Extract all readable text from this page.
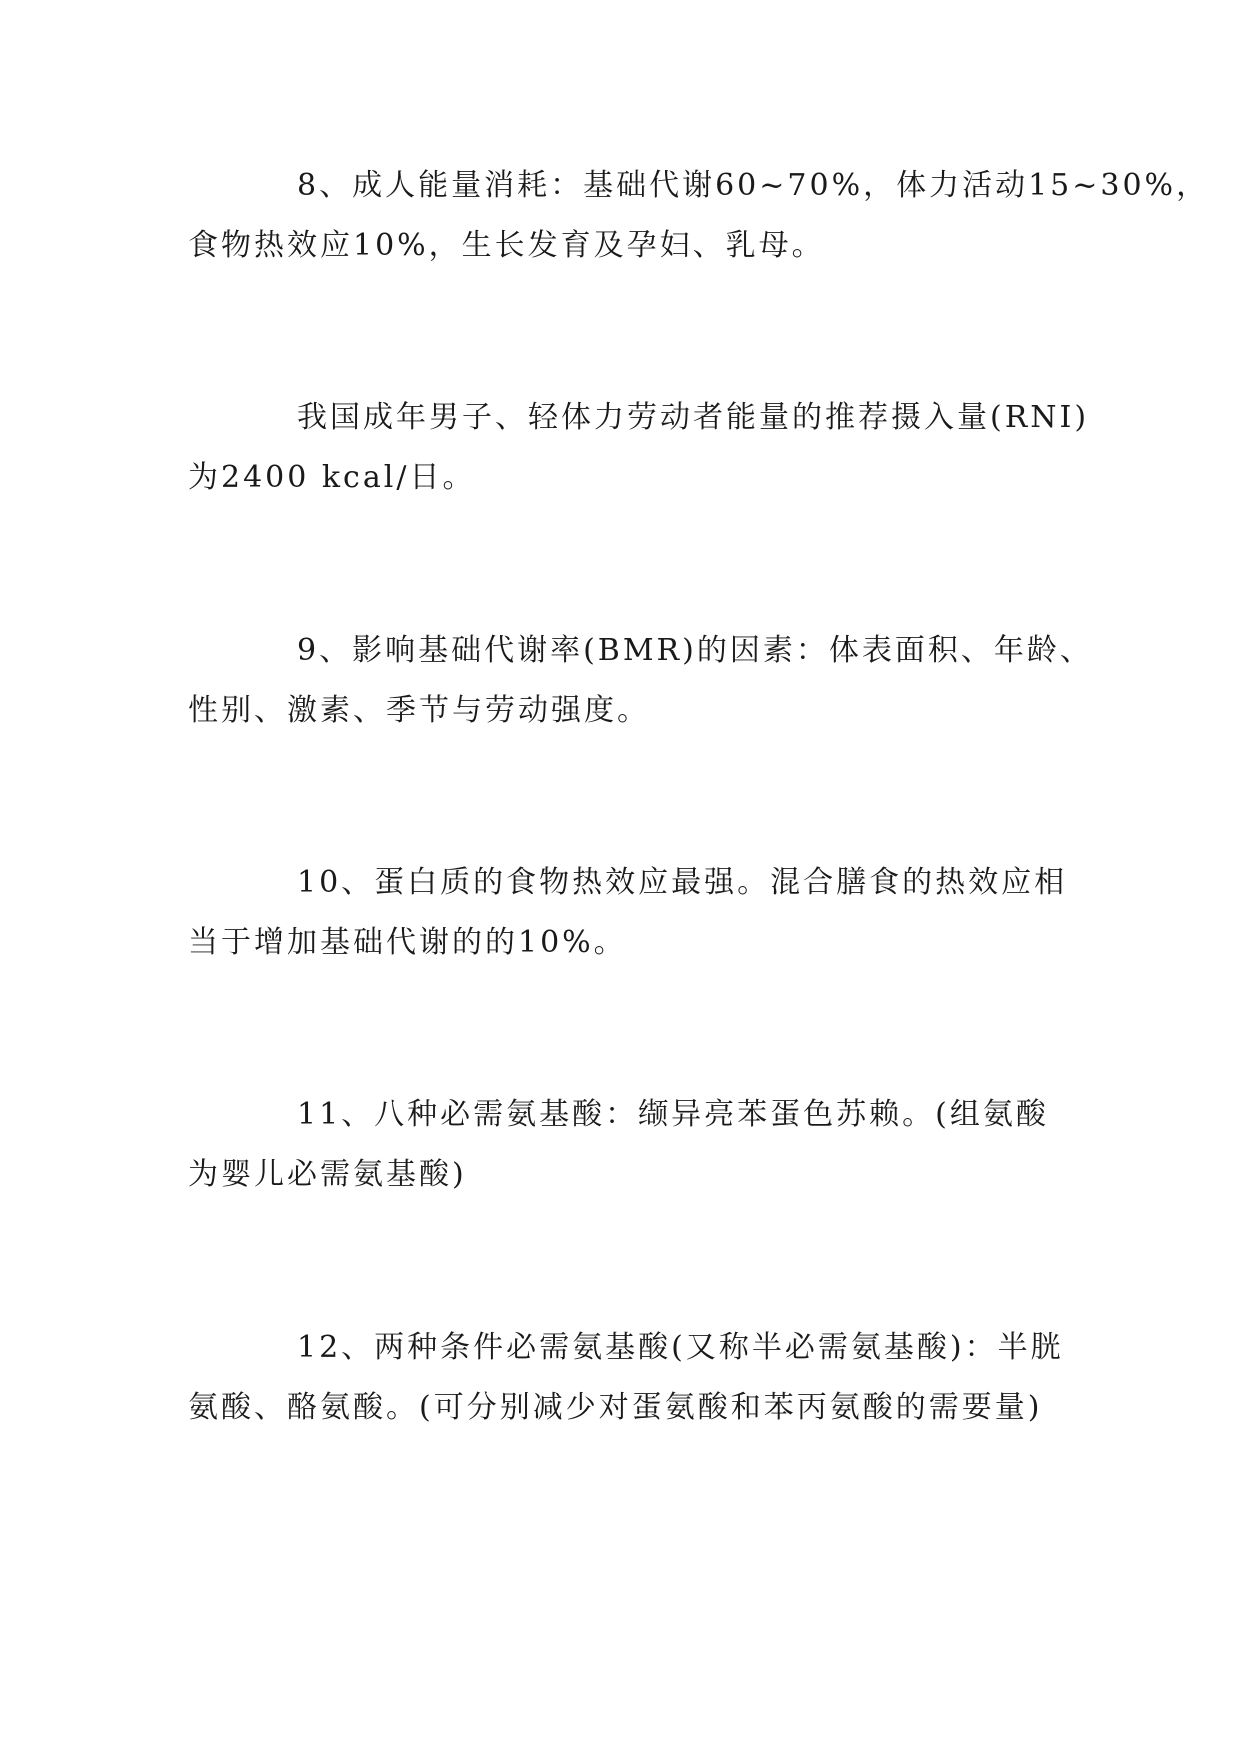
8、成人能量消耗：基础代谢60~70%，体力活动15~30%，
食物热效应10%，生长发育及孕妇、乳母。
我国成年男子、轻体力劳动者能量的推荐摄入量(RNI)
为2400 kcal/日。
9、影响基础代谢率(BMR)的因素：体表面积、年龄、
性别、激素、季节与劳动强度。
10、蛋白质的食物热效应最强。混合膳食的热效应相
当于增加基础代谢的的10%。
11、八种必需氨基酸：缬异亮苯蛋色苏赖。(组氨酸
为婴儿必需氨基酸)
12、两种条件必需氨基酸(又称半必需氨基酸)：半胱
氨酸、酪氨酸。(可分别减少对蛋氨酸和苯丙氨酸的需要量)
